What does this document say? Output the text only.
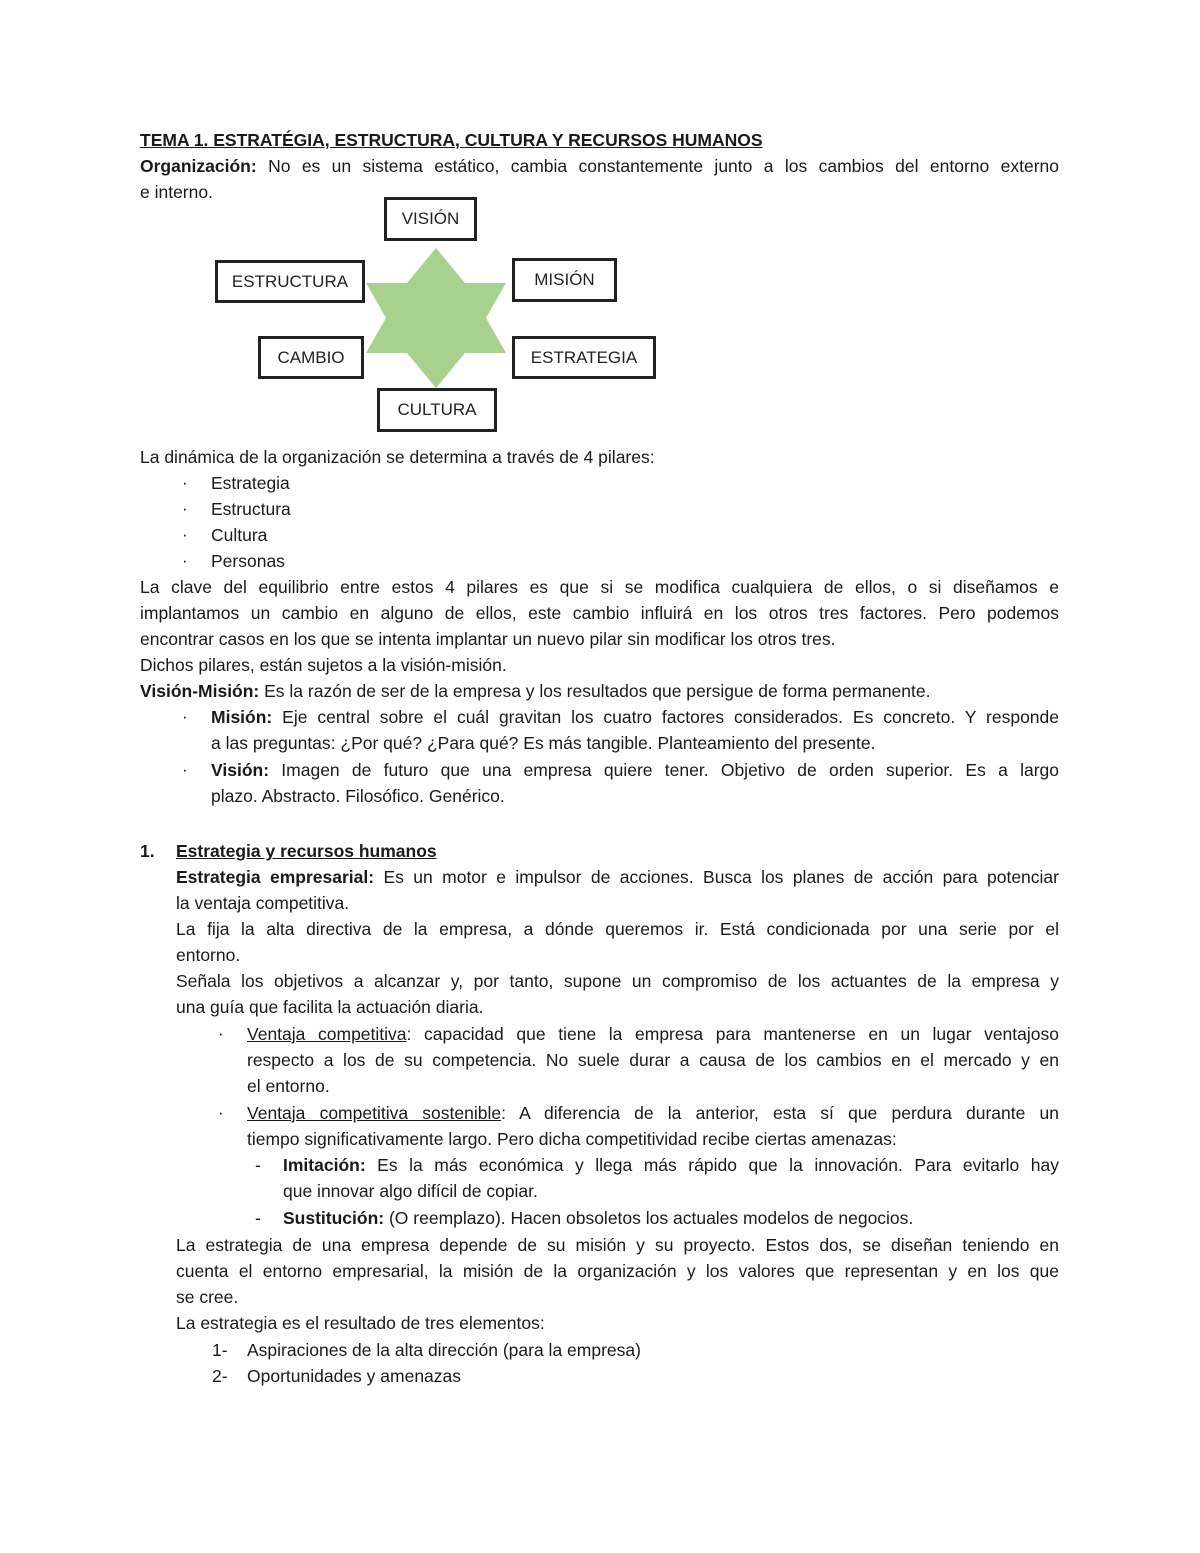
TEMA 1. ESTRATÉGIA, ESTRUCTURA, CULTURA Y RECURSOS HUMANOS
Organización: No es un sistema estático, cambia constantemente junto a los cambios del entorno externo
e interno.
VISIÓN
ESTRUCTURA	MISIÓN
CAMBIO	ESTRATEGIA
CULTURA
La dinámica de la organización se determina a través de 4 pilares:
· Estrategia
· Estructura
· Cultura
· Personas
La clave del equilibrio entre estos 4 pilares es que si se modifica cualquiera de ellos, o si diseñamos e
implantamos un cambio en alguno de ellos, este cambio influirá en los otros tres factores. Pero podemos
encontrar casos en los que se intenta implantar un nuevo pilar sin modificar los otros tres.
Dichos pilares, están sujetos a la visión-misión.
Visión-Misión: Es la razón de ser de la empresa y los resultados que persigue de forma permanente.
· Misión: Eje central sobre el cuál gravitan los cuatro factores considerados. Es concreto. Y responde
a las preguntas: ¿Por qué? ¿Para qué? Es más tangible. Planteamiento del presente.
· Visión: Imagen de futuro que una empresa quiere tener. Objetivo de orden superior. Es a largo
plazo. Abstracto. Filosófico. Genérico.
1. Estrategia y recursos humanos
Estrategia empresarial: Es un motor e impulsor de acciones. Busca los planes de acción para potenciar
la ventaja competitiva.
La fija la alta directiva de la empresa, a dónde queremos ir. Está condicionada por una serie por el
entorno.
Señala los objetivos a alcanzar y, por tanto, supone un compromiso de los actuantes de la empresa y
una guía que facilita la actuación diaria.
· Ventaja competitiva: capacidad que tiene la empresa para mantenerse en un lugar ventajoso
respecto a los de su competencia. No suele durar a causa de los cambios en el mercado y en
el entorno.
· Ventaja competitiva sostenible: A diferencia de la anterior, esta sí que perdura durante un
tiempo significativamente largo. Pero dicha competitividad recibe ciertas amenazas:
- Imitación: Es la más económica y llega más rápido que la innovación. Para evitarlo hay
que innovar algo difícil de copiar.
- Sustitución: (O reemplazo). Hacen obsoletos los actuales modelos de negocios.
La estrategia de una empresa depende de su misión y su proyecto. Estos dos, se diseñan teniendo en
cuenta el entorno empresarial, la misión de la organización y los valores que representan y en los que
se cree.
La estrategia es el resultado de tres elementos:
1- Aspiraciones de la alta dirección (para la empresa)
2- Oportunidades y amenazas
